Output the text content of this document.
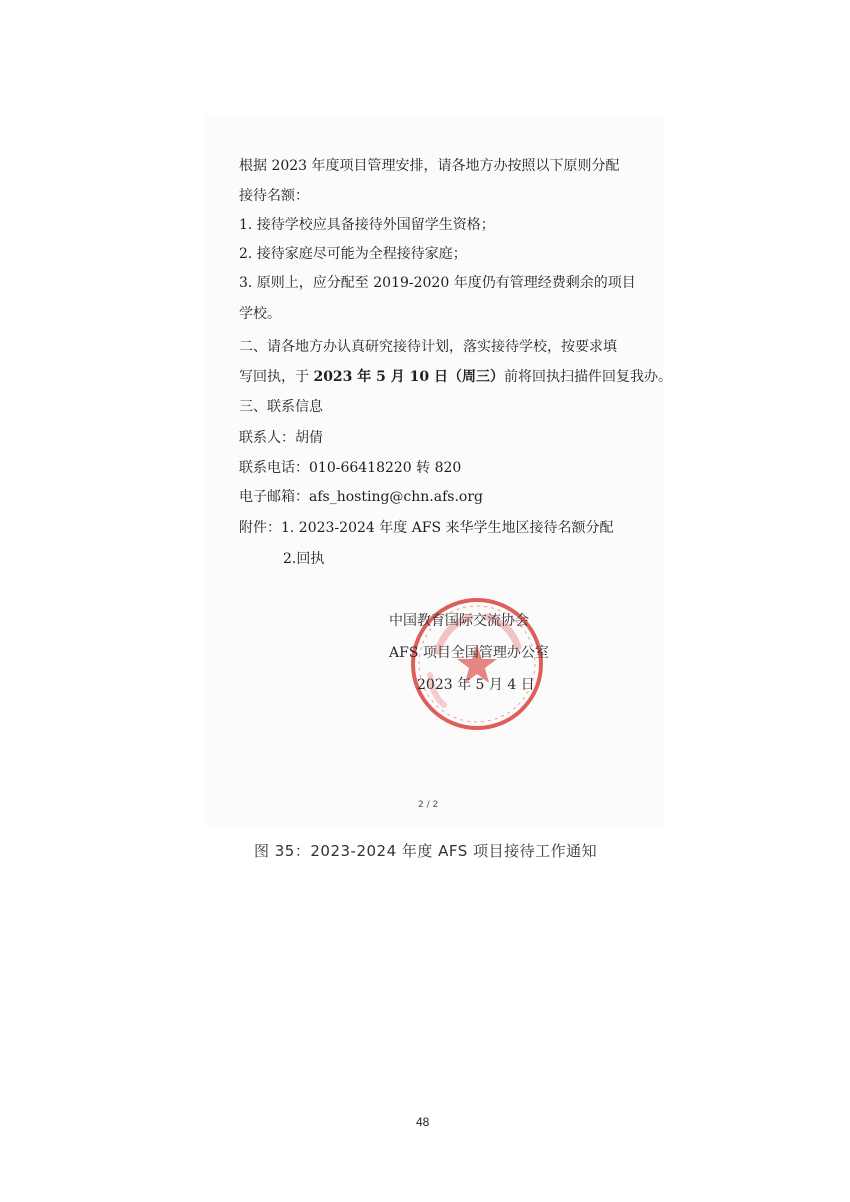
根据 2023 年度项目管理安排，请各地方办按照以下原则分配
接待名额：
1. 接待学校应具备接待外国留学生资格；
2. 接待家庭尽可能为全程接待家庭；
3. 原则上，应分配至 2019-2020 年度仍有管理经费剩余的项目
学校。
二、请各地方办认真研究接待计划，落实接待学校，按要求填
写回执，于 2023 年 5 月 10 日（周三）前将回执扫描件回复我办。
三、联系信息
联系人：胡倩
联系电话：010-66418220 转 820
电子邮箱：afs_hosting@chn.afs.org
附件：1. 2023-2024 年度 AFS 来华学生地区接待名额分配
2.回执
中国教育国际交流协会
AFS 项目全国管理办公室
2023 年 5 月 4 日
2 / 2
图 35：2023-2024 年度 AFS 项目接待工作通知
48
